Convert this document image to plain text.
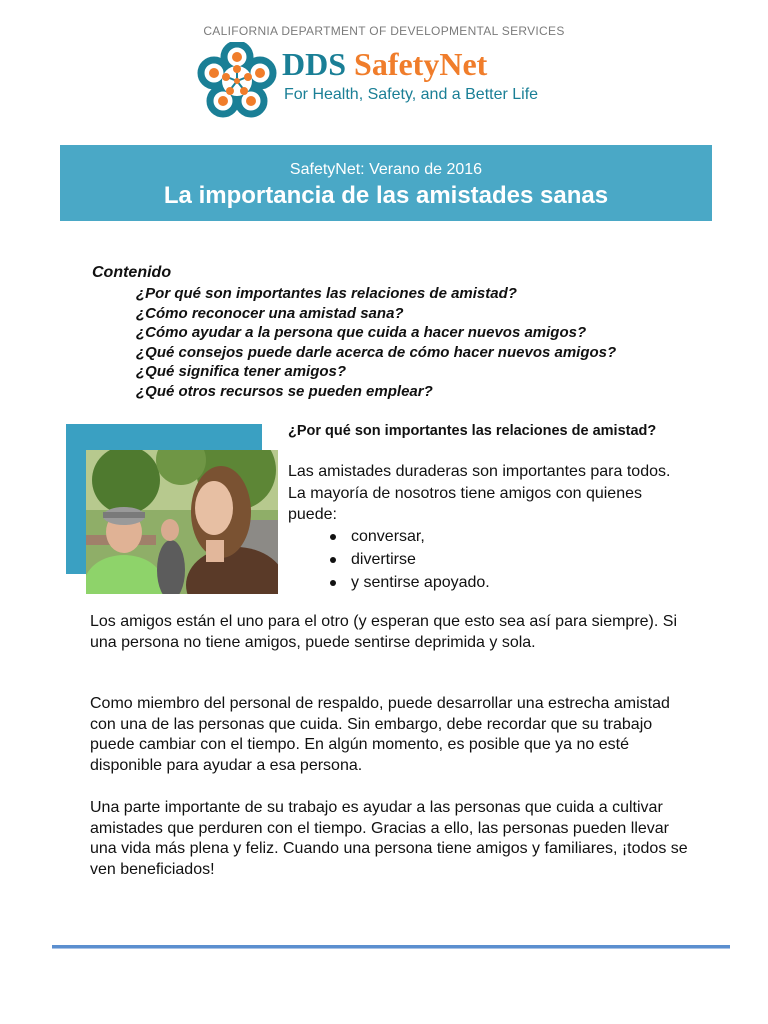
CALIFORNIA DEPARTMENT OF DEVELOPMENTAL SERVICES
DDS SafetyNet
For Health, Safety, and a Better Life
SafetyNet: Verano de 2016
La importancia de las amistades sanas
Contenido
¿Por qué son importantes las relaciones de amistad?
¿Cómo reconocer una amistad sana?
¿Cómo ayudar a la persona que cuida a hacer nuevos amigos?
¿Qué consejos puede darle acerca de cómo hacer nuevos amigos?
¿Qué significa tener amigos?
¿Qué otros recursos se pueden emplear?
¿Por qué son importantes las relaciones de amistad?

Las amistades duraderas son importantes para todos. La mayoría de nosotros tiene amigos con quienes puede:

conversar,
divertirse
y sentirse apoyado.

Los amigos están el uno para el otro (y esperan que esto sea así para siempre). Si una persona no tiene amigos, puede sentirse deprimida y sola.

Como miembro del personal de respaldo, puede desarrollar una estrecha amistad con una de las personas que cuida. Sin embargo, debe recordar que su trabajo puede cambiar con el tiempo. En algún momento, es posible que ya no esté disponible para ayudar a esa persona.

Una parte importante de su trabajo es ayudar a las personas que cuida a cultivar amistades que perduren con el tiempo. Gracias a ello, las personas pueden llevar una vida más plena y feliz. Cuando una persona tiene amigos y familiares, ¡todos se ven beneficiados!
